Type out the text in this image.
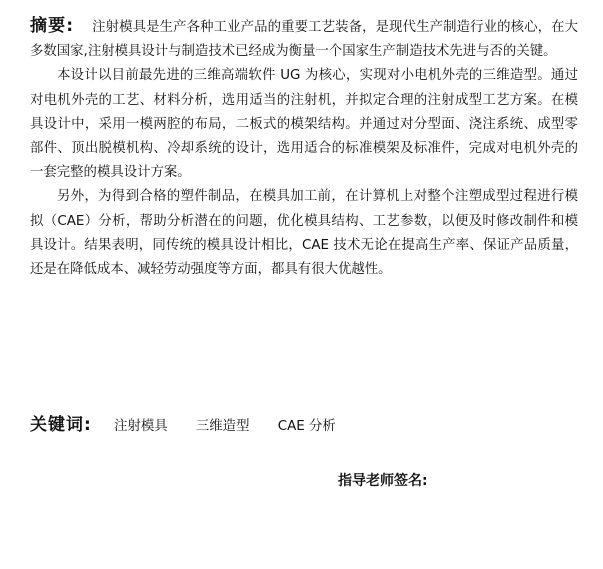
摘要: 注射模具是生产各种工业产品的重要工艺装备，是现代生产制造行业的核心，在大多数国家,注射模具设计与制造技术已经成为衡量一个国家生产制造技术先进与否的关键。

本设计以目前最先进的三维高端软件 UG 为核心，实现对小电机外壳的三维造型。通过对电机外壳的工艺、材料分析，选用适当的注射机，并拟定合理的注射成型工艺方案。在模具设计中，采用一模两腔的布局，二板式的模架结构。并通过对分型面、浇注系统、成型零部件、顶出脱模机构、冷却系统的设计，选用适合的标准模架及标准件，完成对电机外壳的一套完整的模具设计方案。

另外，为得到合格的塑件制品，在模具加工前，在计算机上对整个注塑成型过程进行模拟（CAE）分析，帮助分析潜在的问题，优化模具结构、工艺参数，以便及时修改制件和模具设计。结果表明，同传统的模具设计相比，CAE 技术无论在提高生产率、保证产品质量，还是在降低成本、减轻劳动强度等方面，都具有很大优越性。

关键词: 注射模具 三维造型 CAE 分析
指导老师签名:
